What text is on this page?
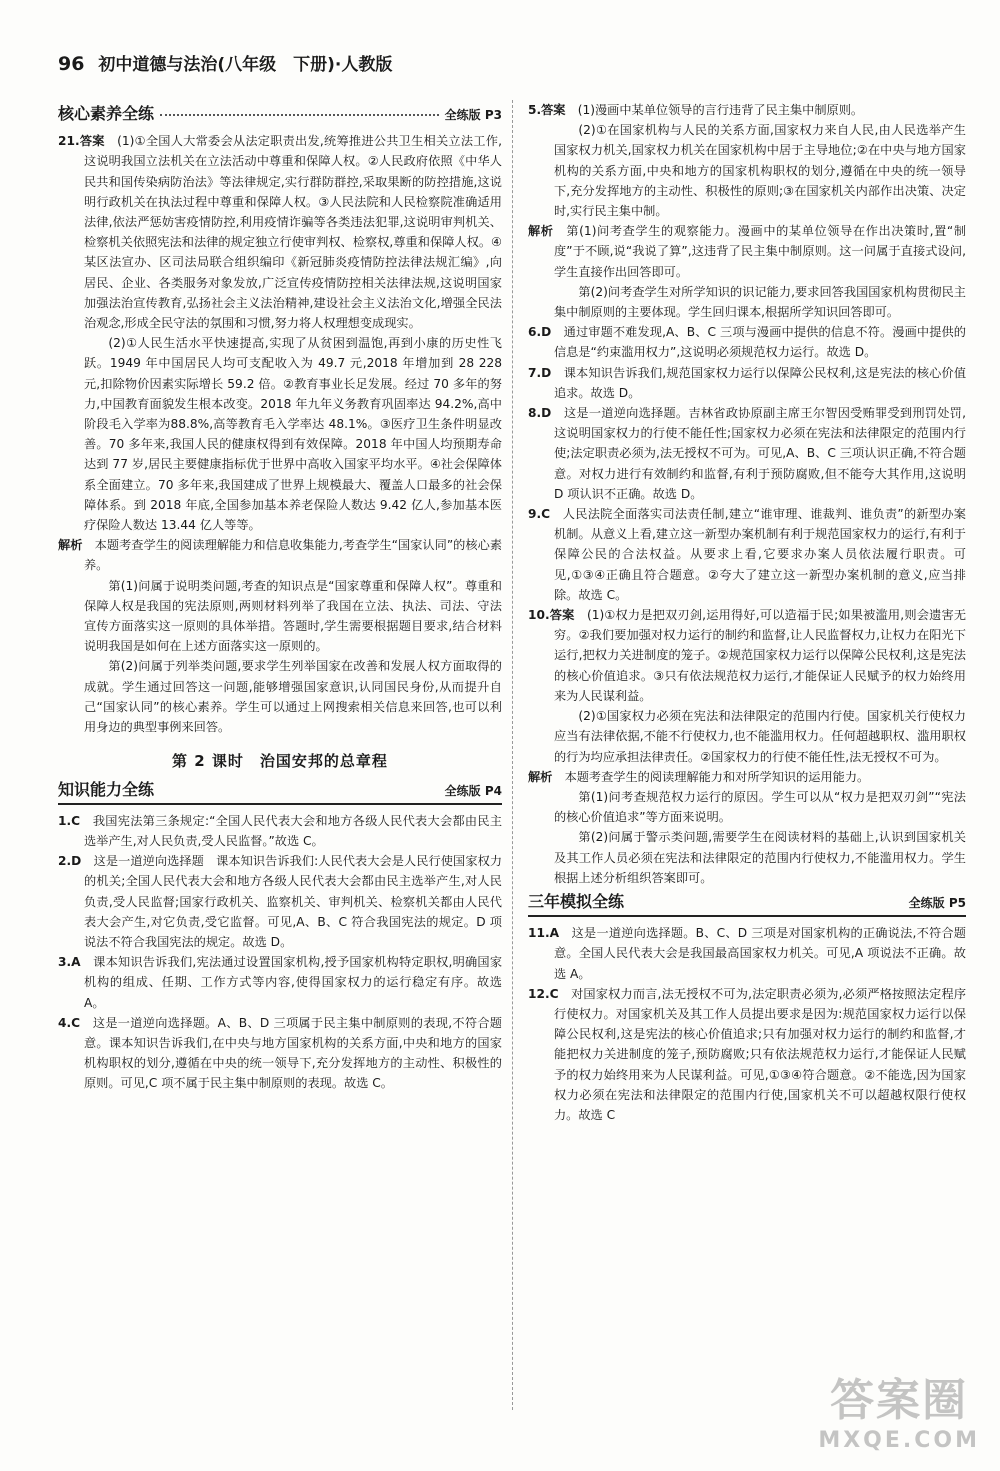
96 初中道德与法治(八年级　下册)·人教版
核心素养全练	全练版 P3

21.答案　 (1)①全国人大常委会从法定职责出发,统筹推进公共卫生相关立法工作,这说明我国立法机关在立法活动中尊重和保障人权。②人民政府依照《中华人民共和国传染病防治法》等法律规定,实行群防群控,采取果断的防控措施,这说明行政机关在执法过程中尊重和保障人权。③人民法院和人民检察院准确适用法律,依法严惩妨害疫情防控,利用疫情诈骗等各类违法犯罪,这说明审判机关、检察机关依照宪法和法律的规定独立行使审判权、检察权,尊重和保障人权。④某区法宣办、区司法局联合组织编印《新冠肺炎疫情防控法律法规汇编》,向居民、企业、各类服务对象发放,广泛宣传疫情防控相关法律法规,这说明国家加强法治宣传教育,弘扬社会主义法治精神,建设社会主义法治文化,增强全民法治观念,形成全民守法的氛围和习惯,努力将人权理想变成现实。

(2)①人民生活水平快速提高,实现了从贫困到温饱,再到小康的历史性飞跃。1949 年中国居民人均可支配收入为 49.7 元,2018 年增加到 28 228 元,扣除物价因素实际增长 59.2 倍。②教育事业长足发展。经过 70 多年的努力,中国教育面貌发生根本改变。2018 年九年义务教育巩固率达 94.2%,高中阶段毛入学率为88.8%,高等教育毛入学率达 48.1%。③医疗卫生条件明显改善。70 多年来,我国人民的健康权得到有效保障。2018 年中国人均预期寿命达到 77 岁,居民主要健康指标优于世界中高收入国家平均水平。④社会保障体系全面建立。70 多年来,我国建成了世界上规模最大、覆盖人口最多的社会保障体系。到 2018 年底,全国参加基本养老保险人数达 9.42 亿人,参加基本医疗保险人数达 13.44 亿人等等。

解析　 本题考查学生的阅读理解能力和信息收集能力,考查学生“国家认同”的核心素养。

第(1)问属于说明类问题,考查的知识点是“国家尊重和保障人权”。尊重和保障人权是我国的宪法原则,两则材料列举了我国在立法、执法、司法、守法宣传方面落实这一原则的具体举措。答题时,学生需要根据题目要求,结合材料说明我国是如何在上述方面落实这一原则的。

第(2)问属于列举类问题,要求学生列举国家在改善和发展人权方面取得的成就。学生通过回答这一问题,能够增强国家意识,认同国民身份,从而提升自己“国家认同”的核心素养。学生可以通过上网搜索相关信息来回答,也可以利用身边的典型事例来回答。

第 2 课时　治国安邦的总章程
知识能力全练	全练版 P4

1.C　 我国宪法第三条规定:“全国人民代表大会和地方各级人民代表大会都由民主选举产生,对人民负责,受人民监督。”故选 C。

2.D　 这是一道逆向选择题　课本知识告诉我们:人民代表大会是人民行使国家权力的机关;全国人民代表大会和地方各级人民代表大会都由民主选举产生,对人民负责,受人民监督;国家行政机关、监察机关、审判机关、检察机关都由人民代表大会产生,对它负责,受它监督。可见,A、B、C 符合我国宪法的规定。D 项说法不符合我国宪法的规定。故选 D。

3.A　 课本知识告诉我们,宪法通过设置国家机构,授予国家机构特定职权,明确国家机构的组成、任期、工作方式等内容,使得国家权力的运行稳定有序。故选 A。

4.C　 这是一道逆向选择题。A、B、D 三项属于民主集中制原则的表现,不符合题意。课本知识告诉我们,在中央与地方国家机构的关系方面,中央和地方的国家机构职权的划分,遵循在中央的统一领导下,充分发挥地方的主动性、积极性的原则。可见,C 项不属于民主集中制原则的表现。故选 C。

5.答案　 (1)漫画中某单位领导的言行违背了民主集中制原则。

(2)①在国家机构与人民的关系方面,国家权力来自人民,由人民选举产生国家权力机关,国家权力机关在国家机构中居于主导地位;②在中央与地方国家机构的关系方面,中央和地方的国家机构职权的划分,遵循在中央的统一领导下,充分发挥地方的主动性、积极性的原则;③在国家机关内部作出决策、决定时,实行民主集中制。

解析　 第(1)问考查学生的观察能力。漫画中的某单位领导在作出决策时,置“制度”于不顾,说“我说了算”,这违背了民主集中制原则。这一问属于直接式设问,学生直接作出回答即可。

第(2)问考查学生对所学知识的识记能力,要求回答我国国家机构贯彻民主集中制原则的主要体现。学生回归课本,根据所学知识回答即可。

6.D　 通过审题不难发现,A、B、C 三项与漫画中提供的信息不符。漫画中提供的信息是“约束滥用权力”,这说明必须规范权力运行。故选 D。

7.D　 课本知识告诉我们,规范国家权力运行以保障公民权利,这是宪法的核心价值追求。故选 D。

8.D　 这是一道逆向选择题。吉林省政协原副主席王尔智因受贿罪受到刑罚处罚,这说明国家权力的行使不能任性;国家权力必须在宪法和法律限定的范围内行使;法定职责必须为,法无授权不可为。可见,A、B、C 三项认识正确,不符合题意。对权力进行有效制约和监督,有利于预防腐败,但不能夸大其作用,这说明 D 项认识不正确。故选 D。

9.C　 人民法院全面落实司法责任制,建立“谁审理、谁裁判、谁负责”的新型办案机制。从意义上看,建立这一新型办案机制有利于规范国家权力的运行,有利于保障公民的合法权益。从要求上看,它要求办案人员依法履行职责。可见,①③④正确且符合题意。②夸大了建立这一新型办案机制的意义,应当排除。故选 C。

10.答案　 (1)①权力是把双刃剑,运用得好,可以造福于民;如果被滥用,则会遗害无穷。②我们要加强对权力运行的制约和监督,让人民监督权力,让权力在阳光下运行,把权力关进制度的笼子。②规范国家权力运行以保障公民权利,这是宪法的核心价值追求。③只有依法规范权力运行,才能保证人民赋予的权力始终用来为人民谋利益。

(2)①国家权力必须在宪法和法律限定的范围内行使。国家机关行使权力应当有法律依据,不能不行使权力,也不能滥用权力。任何超越职权、滥用职权的行为均应承担法律责任。②国家权力的行使不能任性,法无授权不可为。

解析　 本题考查学生的阅读理解能力和对所学知识的运用能力。

第(1)问考查规范权力运行的原因。学生可以从“权力是把双刃剑”“宪法的核心价值追求”等方面来说明。

第(2)问属于警示类问题,需要学生在阅读材料的基础上,认识到国家机关及其工作人员必须在宪法和法律限定的范围内行使权力,不能滥用权力。学生根据上述分析组织答案即可。

三年模拟全练	全练版 P5

11.A　 这是一道逆向选择题。B、C、D 三项是对国家机构的正确说法,不符合题意。全国人民代表大会是我国最高国家权力机关。可见,A 项说法不正确。故选 A。

12.C　 对国家权力而言,法无授权不可为,法定职责必须为,必须严格按照法定程序行使权力。对国家机关及其工作人员提出要求是因为:规范国家权力运行以保障公民权利,这是宪法的核心价值追求;只有加强对权力运行的制约和监督,才能把权力关进制度的笼子,预防腐败;只有依法规范权力运行,才能保证人民赋予的权力始终用来为人民谋利益。可见,①③④符合题意。②不能选,因为国家权力必须在宪法和法律限定的范围内行使,国家机关不可以超越权限行使权力。故选 C

答案圈
MXQE.COM
